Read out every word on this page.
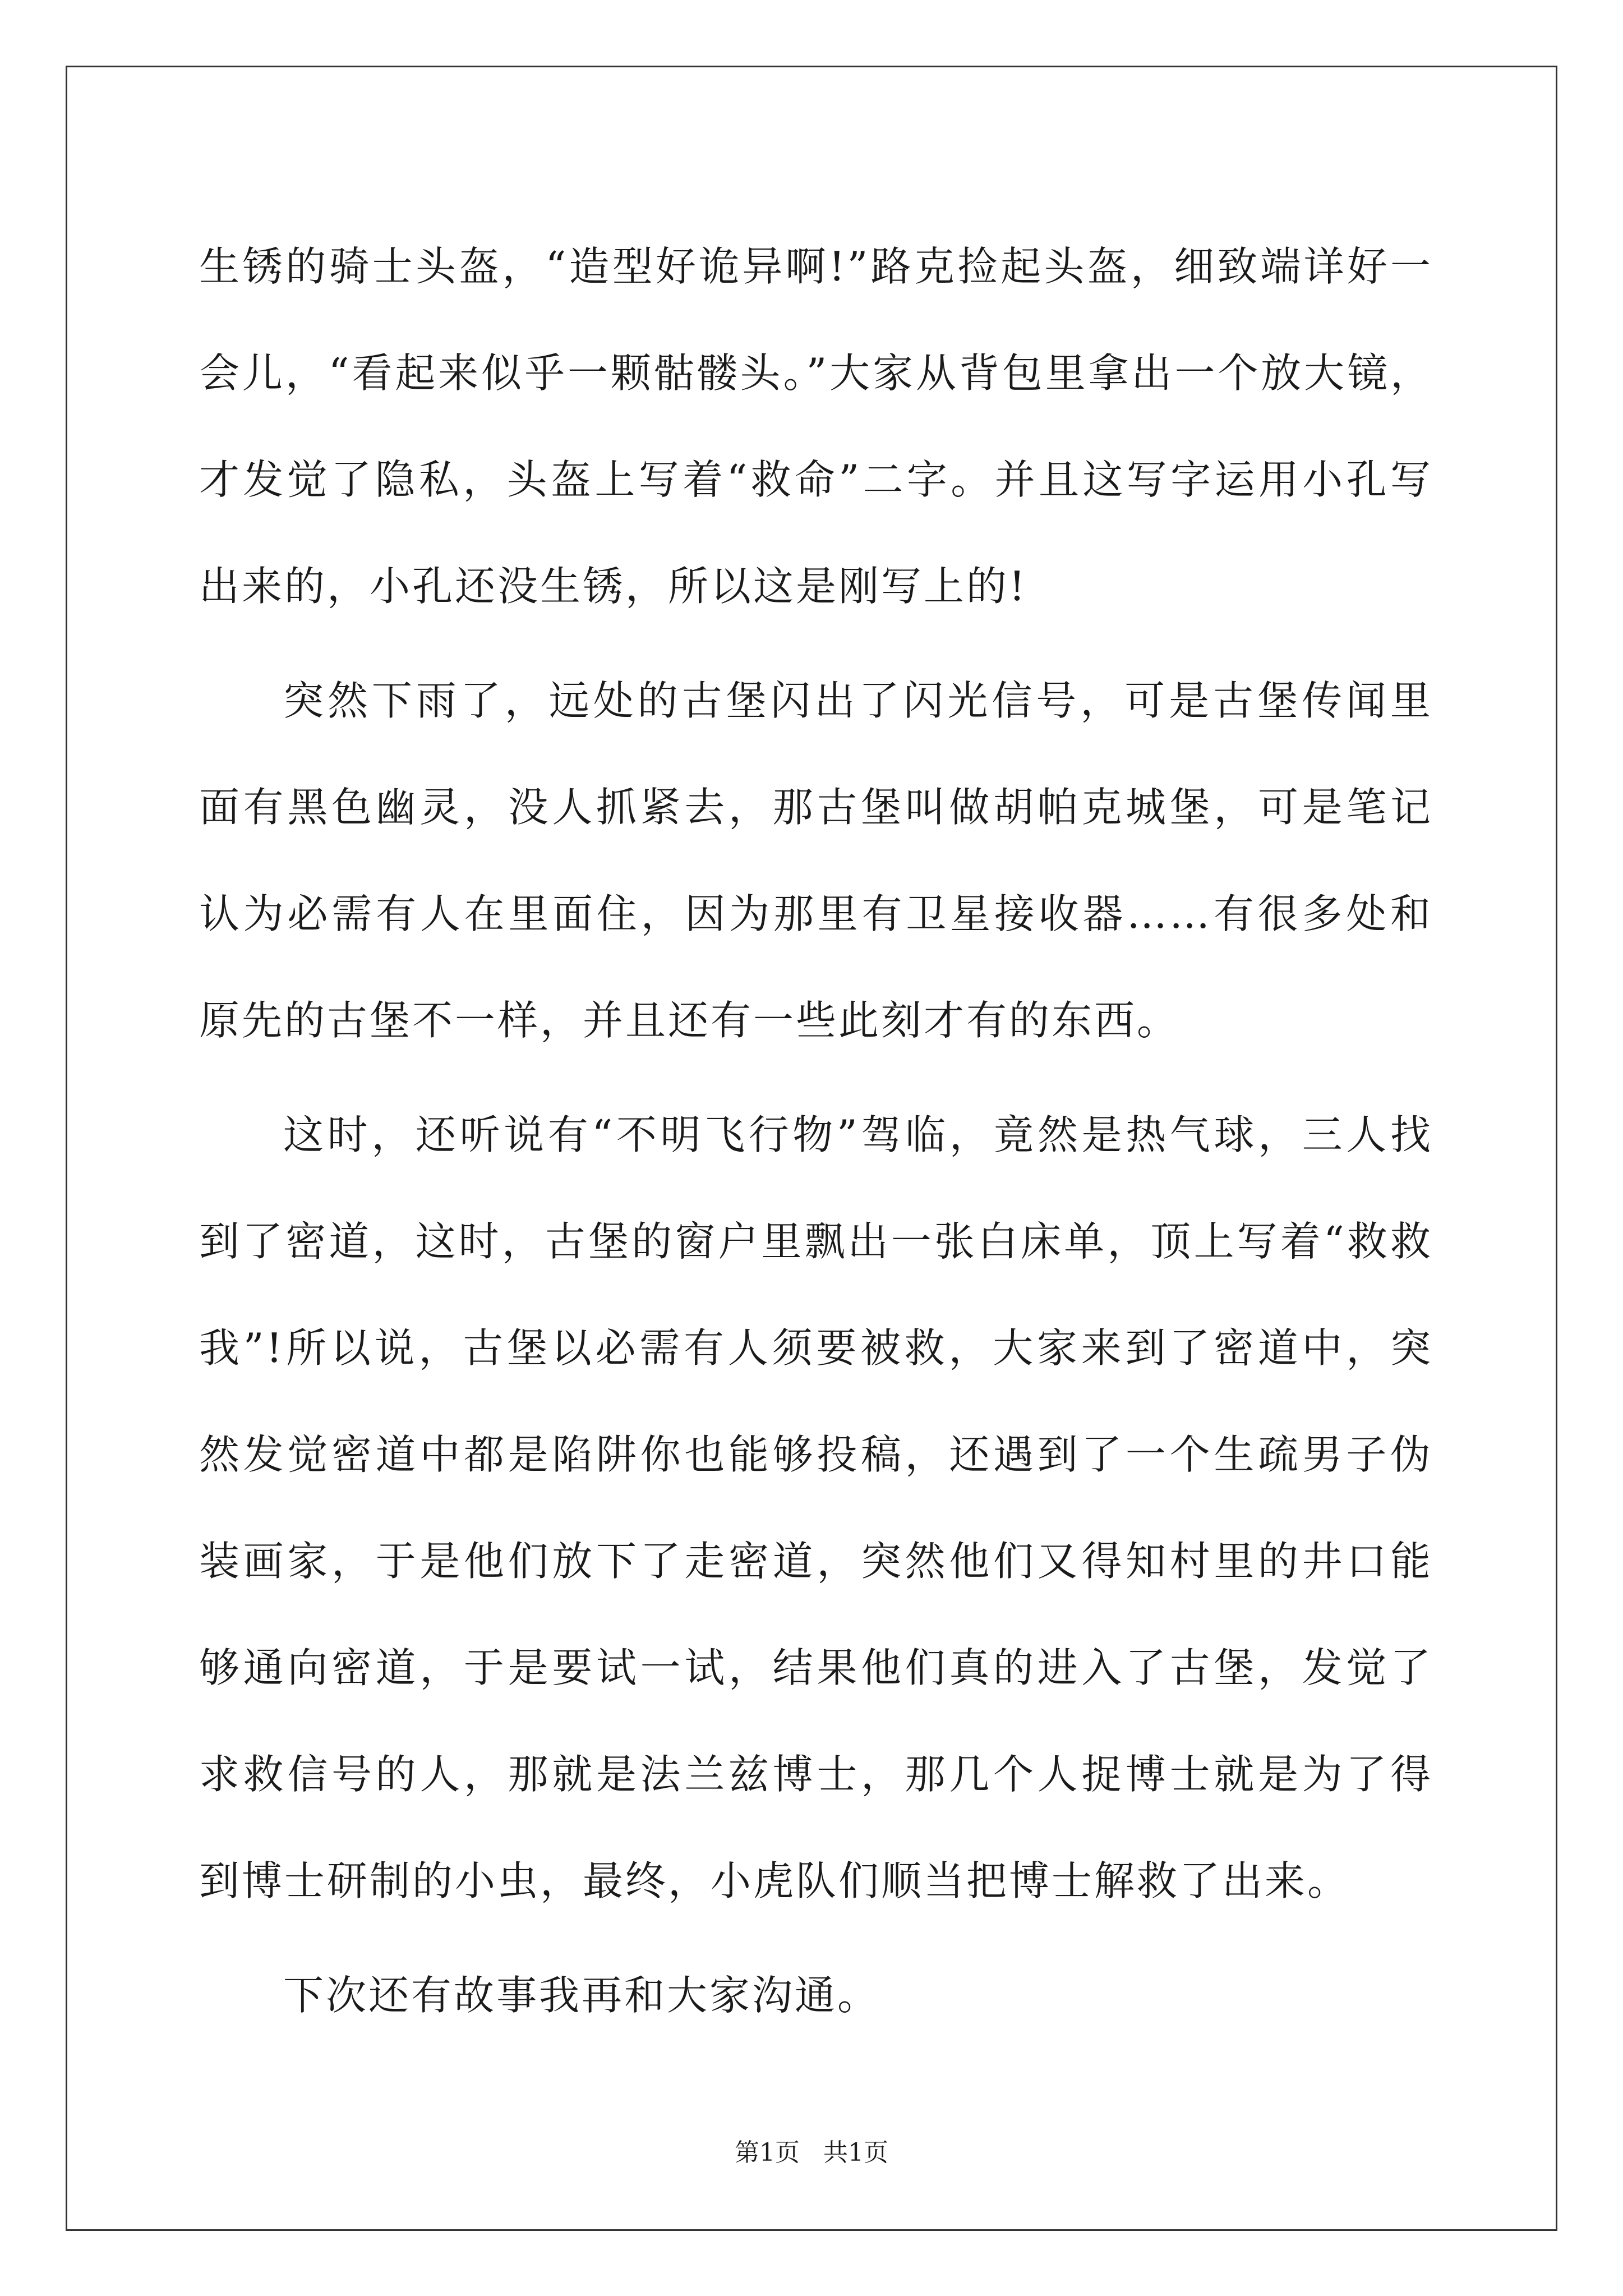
生锈的骑士头盔，“造型好诡异啊!”路克捡起头盔，细致端详好一会儿，“看起来似乎一颗骷髅头。”大家从背包里拿出一个放大镜，才发觉了隐私，头盔上写着“救命”二字。并且这写字运用小孔写出来的，小孔还没生锈，所以这是刚写上的!

突然下雨了，远处的古堡闪出了闪光信号，可是古堡传闻里面有黑色幽灵，没人抓紧去，那古堡叫做胡帕克城堡，可是笔记认为必需有人在里面住，因为那里有卫星接收器……有很多处和原先的古堡不一样，并且还有一些此刻才有的东西。

这时，还听说有“不明飞行物”驾临，竟然是热气球，三人找到了密道，这时，古堡的窗户里飘出一张白床单，顶上写着“救救我”!所以说，古堡以必需有人须要被救，大家来到了密道中，突然发觉密道中都是陷阱你也能够投稿，还遇到了一个生疏男子伪装画家，于是他们放下了走密道，突然他们又得知村里的井口能够通向密道，于是要试一试，结果他们真的进入了古堡，发觉了求救信号的人，那就是法兰兹博士，那几个人捉博士就是为了得到博士研制的小虫，最终，小虎队们顺当把博士解救了出来。

下次还有故事我再和大家沟通。

第1页 共1页
